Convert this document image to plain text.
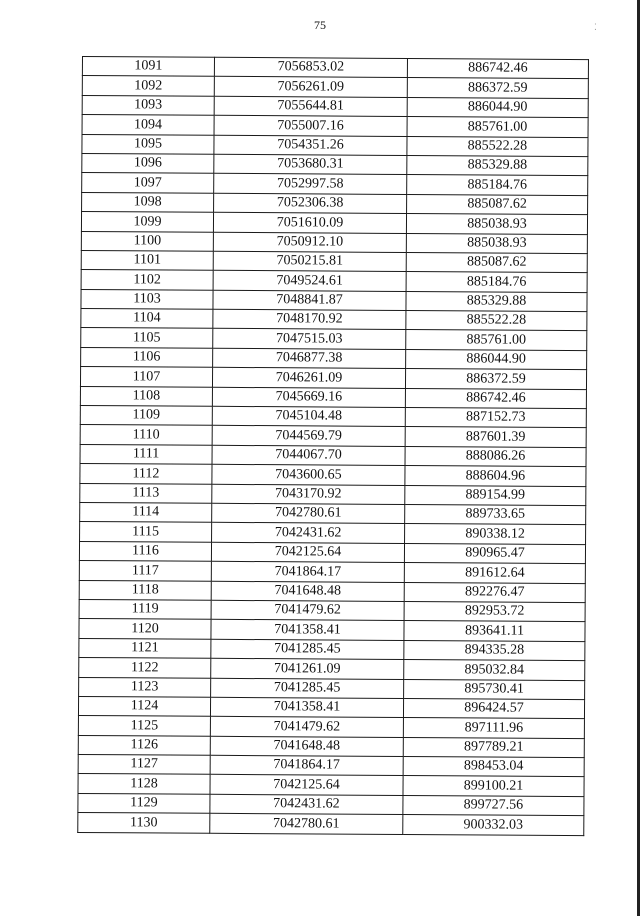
75	⁚
1091	7056853.02	886742.46
1092	7056261.09	886372.59
1093	7055644.81	886044.90
1094	7055007.16	885761.00
1095	7054351.26	885522.28
1096	7053680.31	885329.88
1097	7052997.58	885184.76
1098	7052306.38	885087.62
1099	7051610.09	885038.93
1100	7050912.10	885038.93
1101	7050215.81	885087.62
1102	7049524.61	885184.76
1103	7048841.87	885329.88
1104	7048170.92	885522.28
1105	7047515.03	885761.00
1106	7046877.38	886044.90
1107	7046261.09	886372.59
1108	7045669.16	886742.46
1109	7045104.48	887152.73
1110	7044569.79	887601.39
1111	7044067.70	888086.26
1112	7043600.65	888604.96
1113	7043170.92	889154.99
1114	7042780.61	889733.65
1115	7042431.62	890338.12
1116	7042125.64	890965.47
1117	7041864.17	891612.64
1118	7041648.48	892276.47
1119	7041479.62	892953.72
1120	7041358.41	893641.11
1121	7041285.45	894335.28
1122	7041261.09	895032.84
1123	7041285.45	895730.41
1124	7041358.41	896424.57
1125	7041479.62	897111.96
1126	7041648.48	897789.21
1127	7041864.17	898453.04
1128	7042125.64	899100.21
1129	7042431.62	899727.56
1130	7042780.61	900332.03
